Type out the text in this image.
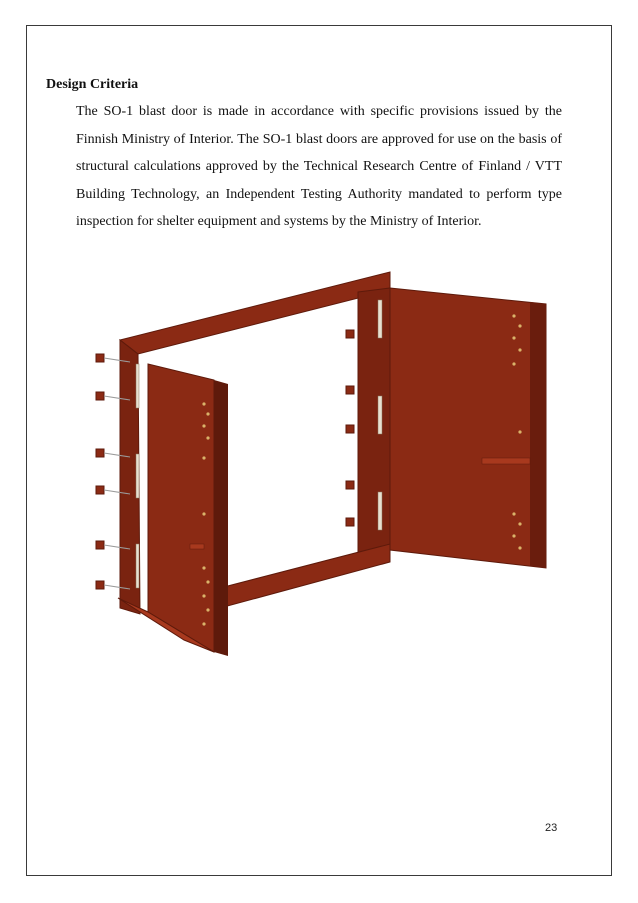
Design Criteria

The SO-1 blast door is made in accordance with specific provisions issued by the Finnish Ministry of Interior. The SO-1 blast doors are approved for use on the basis of structural calculations approved by the Technical Research Centre of Finland / VTT Building Technology, an Independent Testing Authority mandated to perform type inspection for shelter equipment and systems by the Ministry of Interior.

23
